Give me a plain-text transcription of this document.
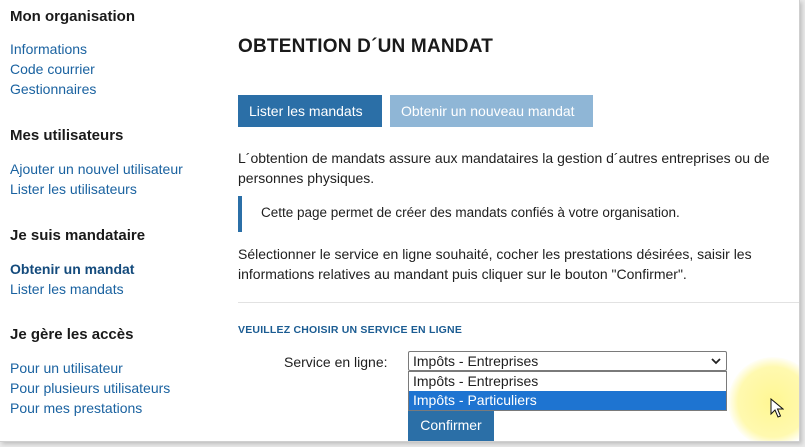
Mon organisation
Informations
Code courrier
Gestionnaires
Mes utilisateurs
Ajouter un nouvel utilisateur
Lister les utilisateurs
Je suis mandataire
Obtenir un mandat
Lister les mandats
Je gère les accès
Pour un utilisateur
Pour plusieurs utilisateurs
Pour mes prestations
OBTENTION D´UN MANDAT
Lister les mandats	Obtenir un nouveau mandat

L´obtention de mandats assure aux mandataires la gestion d´autres entreprises ou de personnes physiques.

Cette page permet de créer des mandats confiés à votre organisation.

Sélectionner le service en ligne souhaité, cocher les prestations désirées, saisir les informations relatives au mandant puis cliquer sur le bouton "Confirmer".

VEUILLEZ CHOISIR UN SERVICE EN LIGNE
Service en ligne: Impôts - Entreprises
Impôts - Entreprises
Impôts - Particuliers
Confirmer
